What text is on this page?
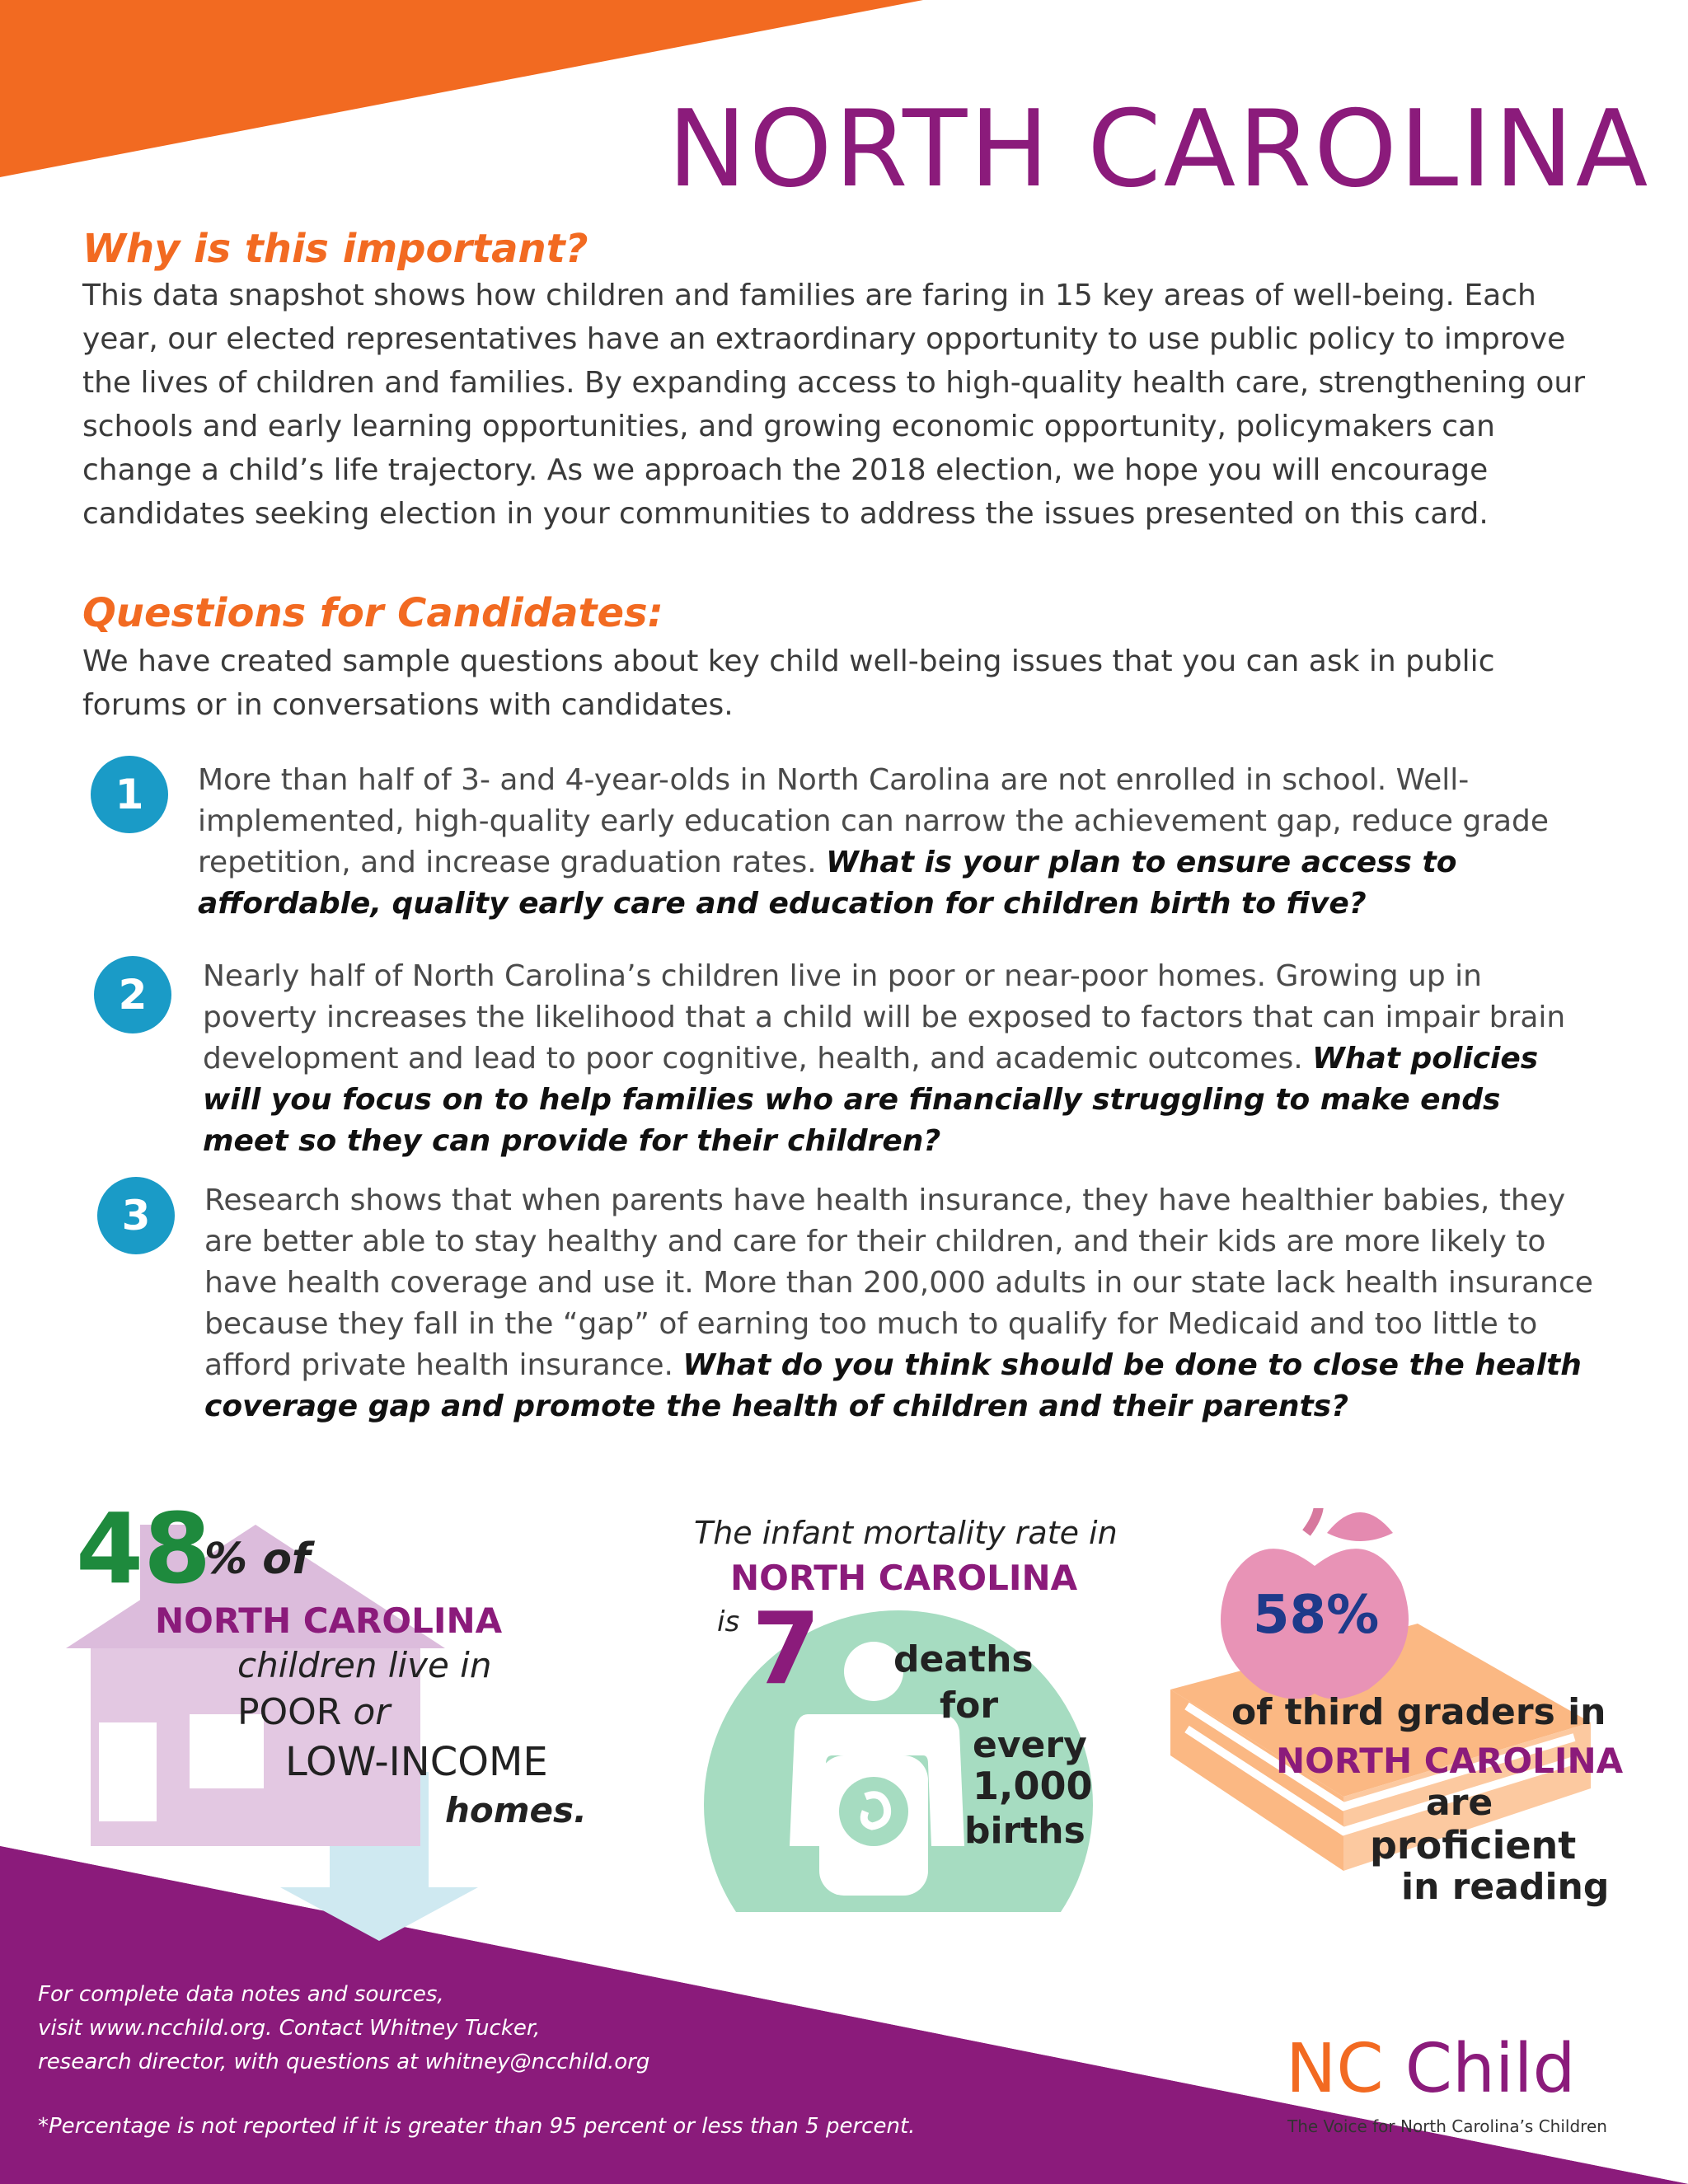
NORTH CAROLINA
Why is this important?
This data snapshot shows how children and families are faring in 15 key areas of well-being. Each year, our elected representatives have an extraordinary opportunity to use public policy to improve the lives of children and families. By expanding access to high-quality health care, strengthening our schools and early learning opportunities, and growing economic opportunity, policymakers can change a child’s life trajectory. As we approach the 2018 election, we hope you will encourage candidates seeking election in your communities to address the issues presented on this card.
Questions for Candidates:
We have created sample questions about key child well-being issues that you can ask in public forums or in conversations with candidates.
1	More than half of 3- and 4-year-olds in North Carolina are not enrolled in school. Well-implemented, high-quality early education can narrow the achievement gap, reduce grade repetition, and increase graduation rates. What is your plan to ensure access to affordable, quality early care and education for children birth to five?
2	Nearly half of North Carolina’s children live in poor or near-poor homes. Growing up in poverty increases the likelihood that a child will be exposed to factors that can impair brain development and lead to poor cognitive, health, and academic outcomes. What policies will you focus on to help families who are financially struggling to make ends meet so they can provide for their children?
3	Research shows that when parents have health insurance, they have healthier babies, they are better able to stay healthy and care for their children, and their kids are more likely to have health coverage and use it. More than 200,000 adults in our state lack health insurance because they fall in the “gap” of earning too much to qualify for Medicaid and too little to afford private health insurance. What do you think should be done to close the health coverage gap and promote the health of children and their parents?
48
% of
NORTH CAROLINA
children live in
POOR or
LOW-INCOME
homes.
The infant mortality rate in
NORTH CAROLINA
is 7 deaths
for
every
1,000
births
58%
of third graders in
NORTH CAROLINA
are
proficient
in reading
For complete data notes and sources,
visit www.ncchild.org. Contact Whitney Tucker,
research director, with questions at whitney@ncchild.org
*Percentage is not reported if it is greater than 95 percent or less than 5 percent.
NC Child
The Voice for North Carolina’s Children
